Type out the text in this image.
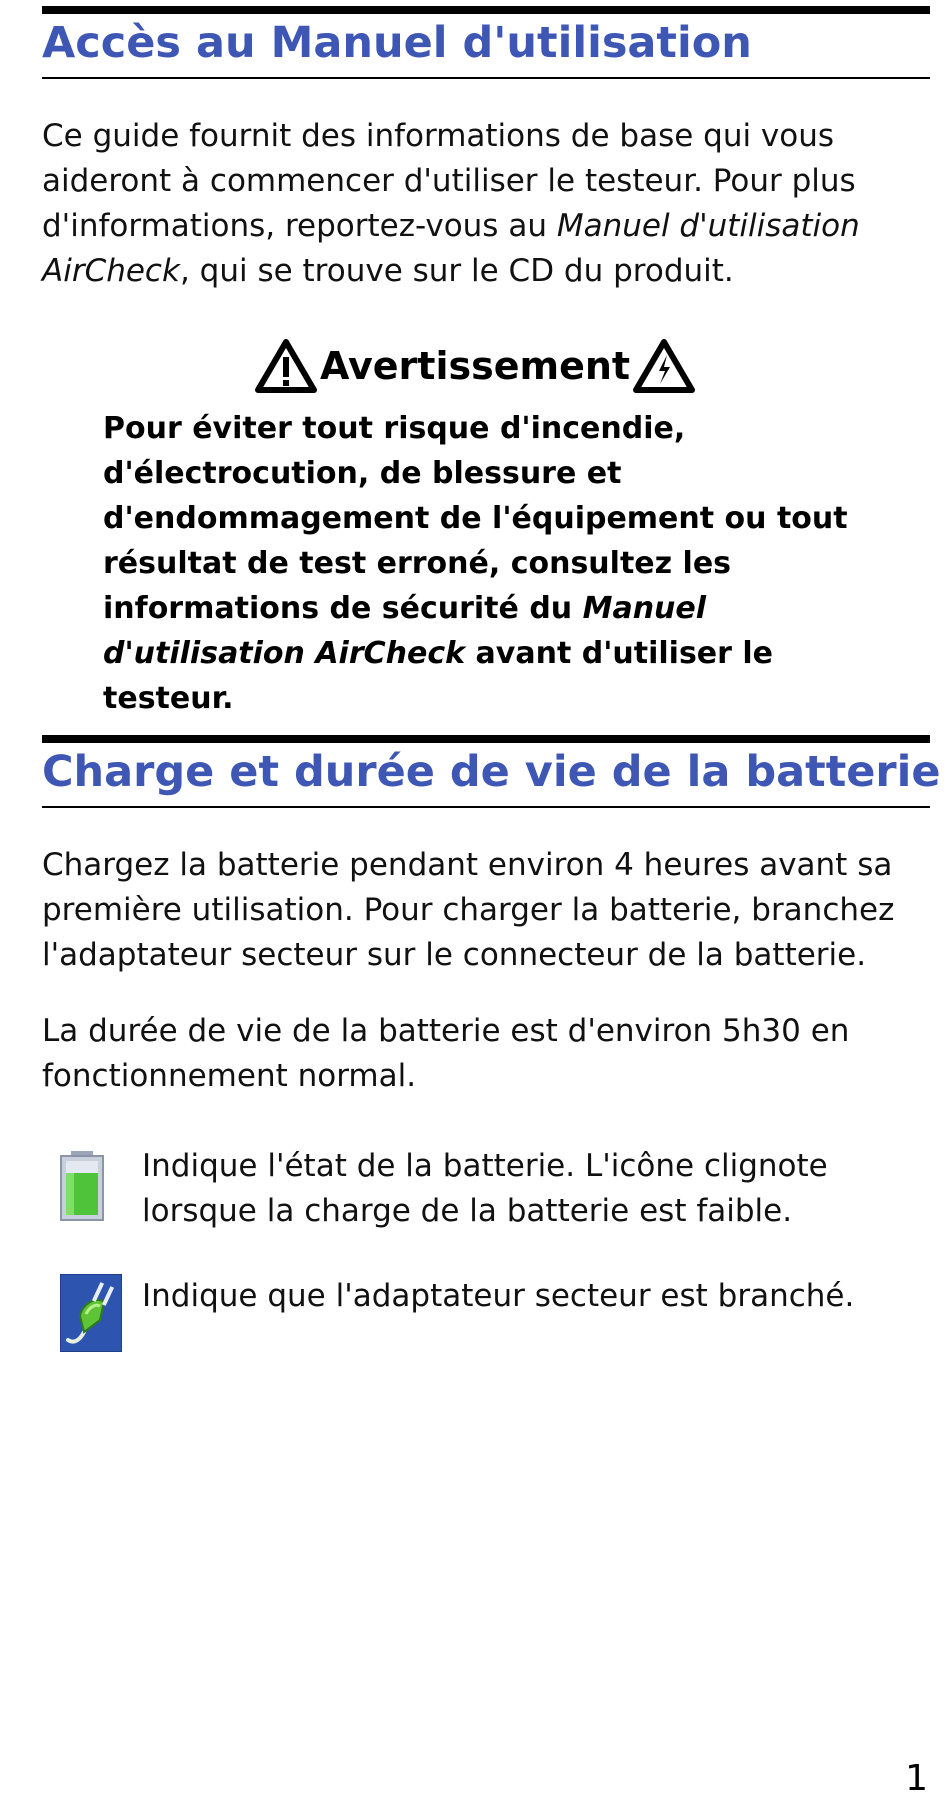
Accès au Manuel d'utilisation

Ce guide fournit des informations de base qui vous aideront à commencer d'utiliser le testeur. Pour plus d'informations, reportez-vous au Manuel d'utilisation AirCheck, qui se trouve sur le CD du produit.

Avertissement

Pour éviter tout risque d'incendie, d'électrocution, de blessure et d'endommagement de l'équipement ou tout résultat de test erroné, consultez les informations de sécurité du Manuel d'utilisation AirCheck avant d'utiliser le testeur.

Charge et durée de vie de la batterie

Chargez la batterie pendant environ 4 heures avant sa première utilisation. Pour charger la batterie, branchez l'adaptateur secteur sur le connecteur de la batterie.

La durée de vie de la batterie est d'environ 5h30 en fonctionnement normal.

Indique l'état de la batterie. L'icône clignote lorsque la charge de la batterie est faible.

Indique que l'adaptateur secteur est branché.

1
